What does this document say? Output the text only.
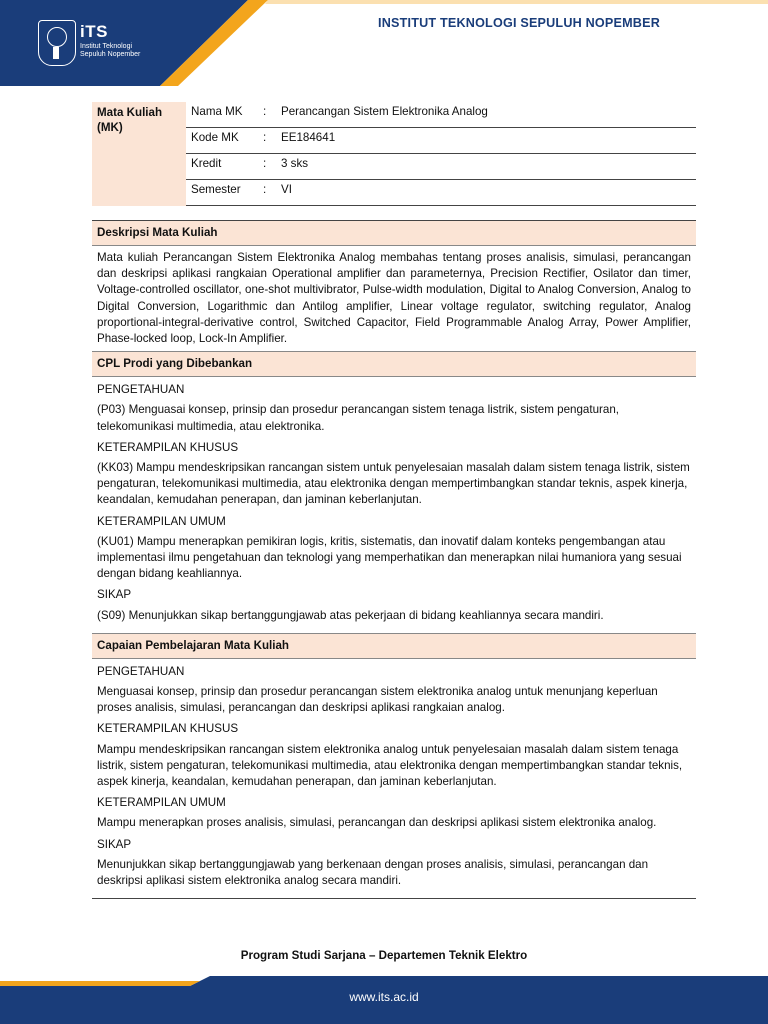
iTS
Institut Teknologi Sepuluh Nopember
INSTITUT TEKNOLOGI SEPULUH NOPEMBER
Mata Kuliah (MK)	Nama MK	:	Perancangan Sistem Elektronika Analog
	Kode MK	:	EE184641
	Kredit	:	3 sks
	Semester	:	VI
Deskripsi Mata Kuliah
Mata kuliah Perancangan Sistem Elektronika Analog membahas tentang proses analisis, simulasi, perancangan dan deskripsi aplikasi rangkaian Operational amplifier dan parameternya, Precision Rectifier, Osilator dan timer, Voltage-controlled oscillator, one-shot multivibrator, Pulse-width modulation, Digital to Analog Conversion, Analog to Digital Conversion, Logarithmic dan Antilog amplifier, Linear voltage regulator, switching regulator, Analog proportional-integral-derivative control, Switched Capacitor, Field Programmable Analog Array, Power Amplifier, Phase-locked loop, Lock-In Amplifier.
CPL Prodi yang Dibebankan
PENGETAHUAN
(P03) Menguasai konsep, prinsip dan prosedur perancangan sistem tenaga listrik, sistem pengaturan, telekomunikasi multimedia, atau elektronika.
KETERAMPILAN KHUSUS
(KK03) Mampu mendeskripsikan rancangan sistem untuk penyelesaian masalah dalam sistem tenaga listrik, sistem pengaturan, telekomunikasi multimedia, atau elektronika dengan mempertimbangkan standar teknis, aspek kinerja, keandalan, kemudahan penerapan, dan jaminan keberlanjutan.
KETERAMPILAN UMUM
(KU01) Mampu menerapkan pemikiran logis, kritis, sistematis, dan inovatif dalam konteks pengembangan atau implementasi ilmu pengetahuan dan teknologi yang memperhatikan dan menerapkan nilai humaniora yang sesuai dengan bidang keahliannya.
SIKAP
(S09) Menunjukkan sikap bertanggungjawab atas pekerjaan di bidang keahliannya secara mandiri.
Capaian Pembelajaran Mata Kuliah
PENGETAHUAN
Menguasai konsep, prinsip dan prosedur perancangan sistem elektronika analog untuk menunjang keperluan proses analisis, simulasi, perancangan dan deskripsi aplikasi rangkaian analog.
KETERAMPILAN KHUSUS
Mampu mendeskripsikan rancangan sistem elektronika analog untuk penyelesaian masalah dalam sistem tenaga listrik, sistem pengaturan, telekomunikasi multimedia, atau elektronika dengan mempertimbangkan standar teknis, aspek kinerja, keandalan, kemudahan penerapan, dan jaminan keberlanjutan.
KETERAMPILAN UMUM
Mampu menerapkan proses analisis, simulasi, perancangan dan deskripsi aplikasi sistem elektronika analog.
SIKAP
Menunjukkan sikap bertanggungjawab yang berkenaan dengan proses analisis, simulasi, perancangan dan deskripsi aplikasi sistem elektronika analog secara mandiri.
Program Studi Sarjana – Departemen Teknik Elektro
www.its.ac.id
